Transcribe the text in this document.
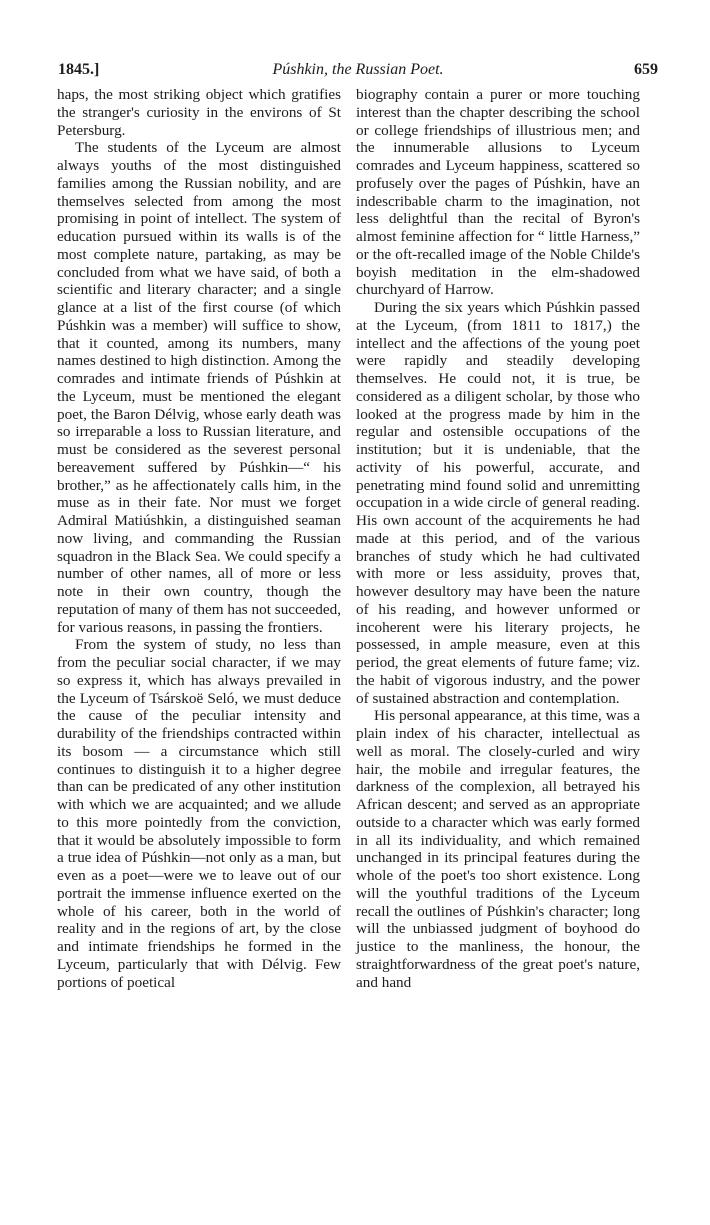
1845.]	Púshkin, the Russian Poet.	659

haps, the most striking object which gratifies the stranger's curiosity in the environs of St Petersburg.

The students of the Lyceum are almost always youths of the most distinguished families among the Russian nobility, and are themselves selected from among the most promising in point of intellect. The system of education pursued within its walls is of the most complete nature, partaking, as may be concluded from what we have said, of both a scientific and literary character; and a single glance at a list of the first course (of which Púshkin was a member) will suffice to show, that it counted, among its numbers, many names destined to high distinction. Among the comrades and intimate friends of Púshkin at the Lyceum, must be mentioned the elegant poet, the Baron Délvig, whose early death was so irreparable a loss to Russian literature, and must be considered as the severest personal bereavement suffered by Púshkin—“ his brother,” as he affectionately calls him, in the muse as in their fate. Nor must we forget Admiral Matiúshkin, a distinguished seaman now living, and commanding the Russian squadron in the Black Sea. We could specify a number of other names, all of more or less note in their own country, though the reputation of many of them has not succeeded, for various reasons, in passing the frontiers.

From the system of study, no less than from the peculiar social character, if we may so express it, which has always prevailed in the Lyceum of Tsárskoë Seló, we must deduce the cause of the peculiar intensity and durability of the friendships contracted within its bosom — a circumstance which still continues to distinguish it to a higher degree than can be predicated of any other institution with which we are acquainted; and we allude to this more pointedly from the conviction, that it would be absolutely impossible to form a true idea of Púshkin—not only as a man, but even as a poet—were we to leave out of our portrait the immense influence exerted on the whole of his career, both in the world of reality and in the regions of art, by the close and intimate friendships he formed in the Lyceum, particularly that with Délvig. Few portions of poetical

biography contain a purer or more touching interest than the chapter describing the school or college friendships of illustrious men; and the innumerable allusions to Lyceum comrades and Lyceum happiness, scattered so profusely over the pages of Púshkin, have an indescribable charm to the imagination, not less delightful than the recital of Byron's almost feminine affection for “ little Harness,” or the oft-recalled image of the Noble Childe's boyish meditation in the elm-shadowed churchyard of Harrow.

During the six years which Púshkin passed at the Lyceum, (from 1811 to 1817,) the intellect and the affections of the young poet were rapidly and steadily developing themselves. He could not, it is true, be considered as a diligent scholar, by those who looked at the progress made by him in the regular and ostensible occupations of the institution; but it is undeniable, that the activity of his powerful, accurate, and penetrating mind found solid and unremitting occupation in a wide circle of general reading. His own account of the acquirements he had made at this period, and of the various branches of study which he had cultivated with more or less assiduity, proves that, however desultory may have been the nature of his reading, and however unformed or incoherent were his literary projects, he possessed, in ample measure, even at this period, the great elements of future fame; viz. the habit of vigorous industry, and the power of sustained abstraction and contemplation.

His personal appearance, at this time, was a plain index of his character, intellectual as well as moral. The closely-curled and wiry hair, the mobile and irregular features, the darkness of the complexion, all betrayed his African descent; and served as an appropriate outside to a character which was early formed in all its individuality, and which remained unchanged in its principal features during the whole of the poet's too short existence. Long will the youthful traditions of the Lyceum recall the outlines of Púshkin's character; long will the unbiassed judgment of boyhood do justice to the manliness, the honour, the straightforwardness of the great poet's nature, and hand
